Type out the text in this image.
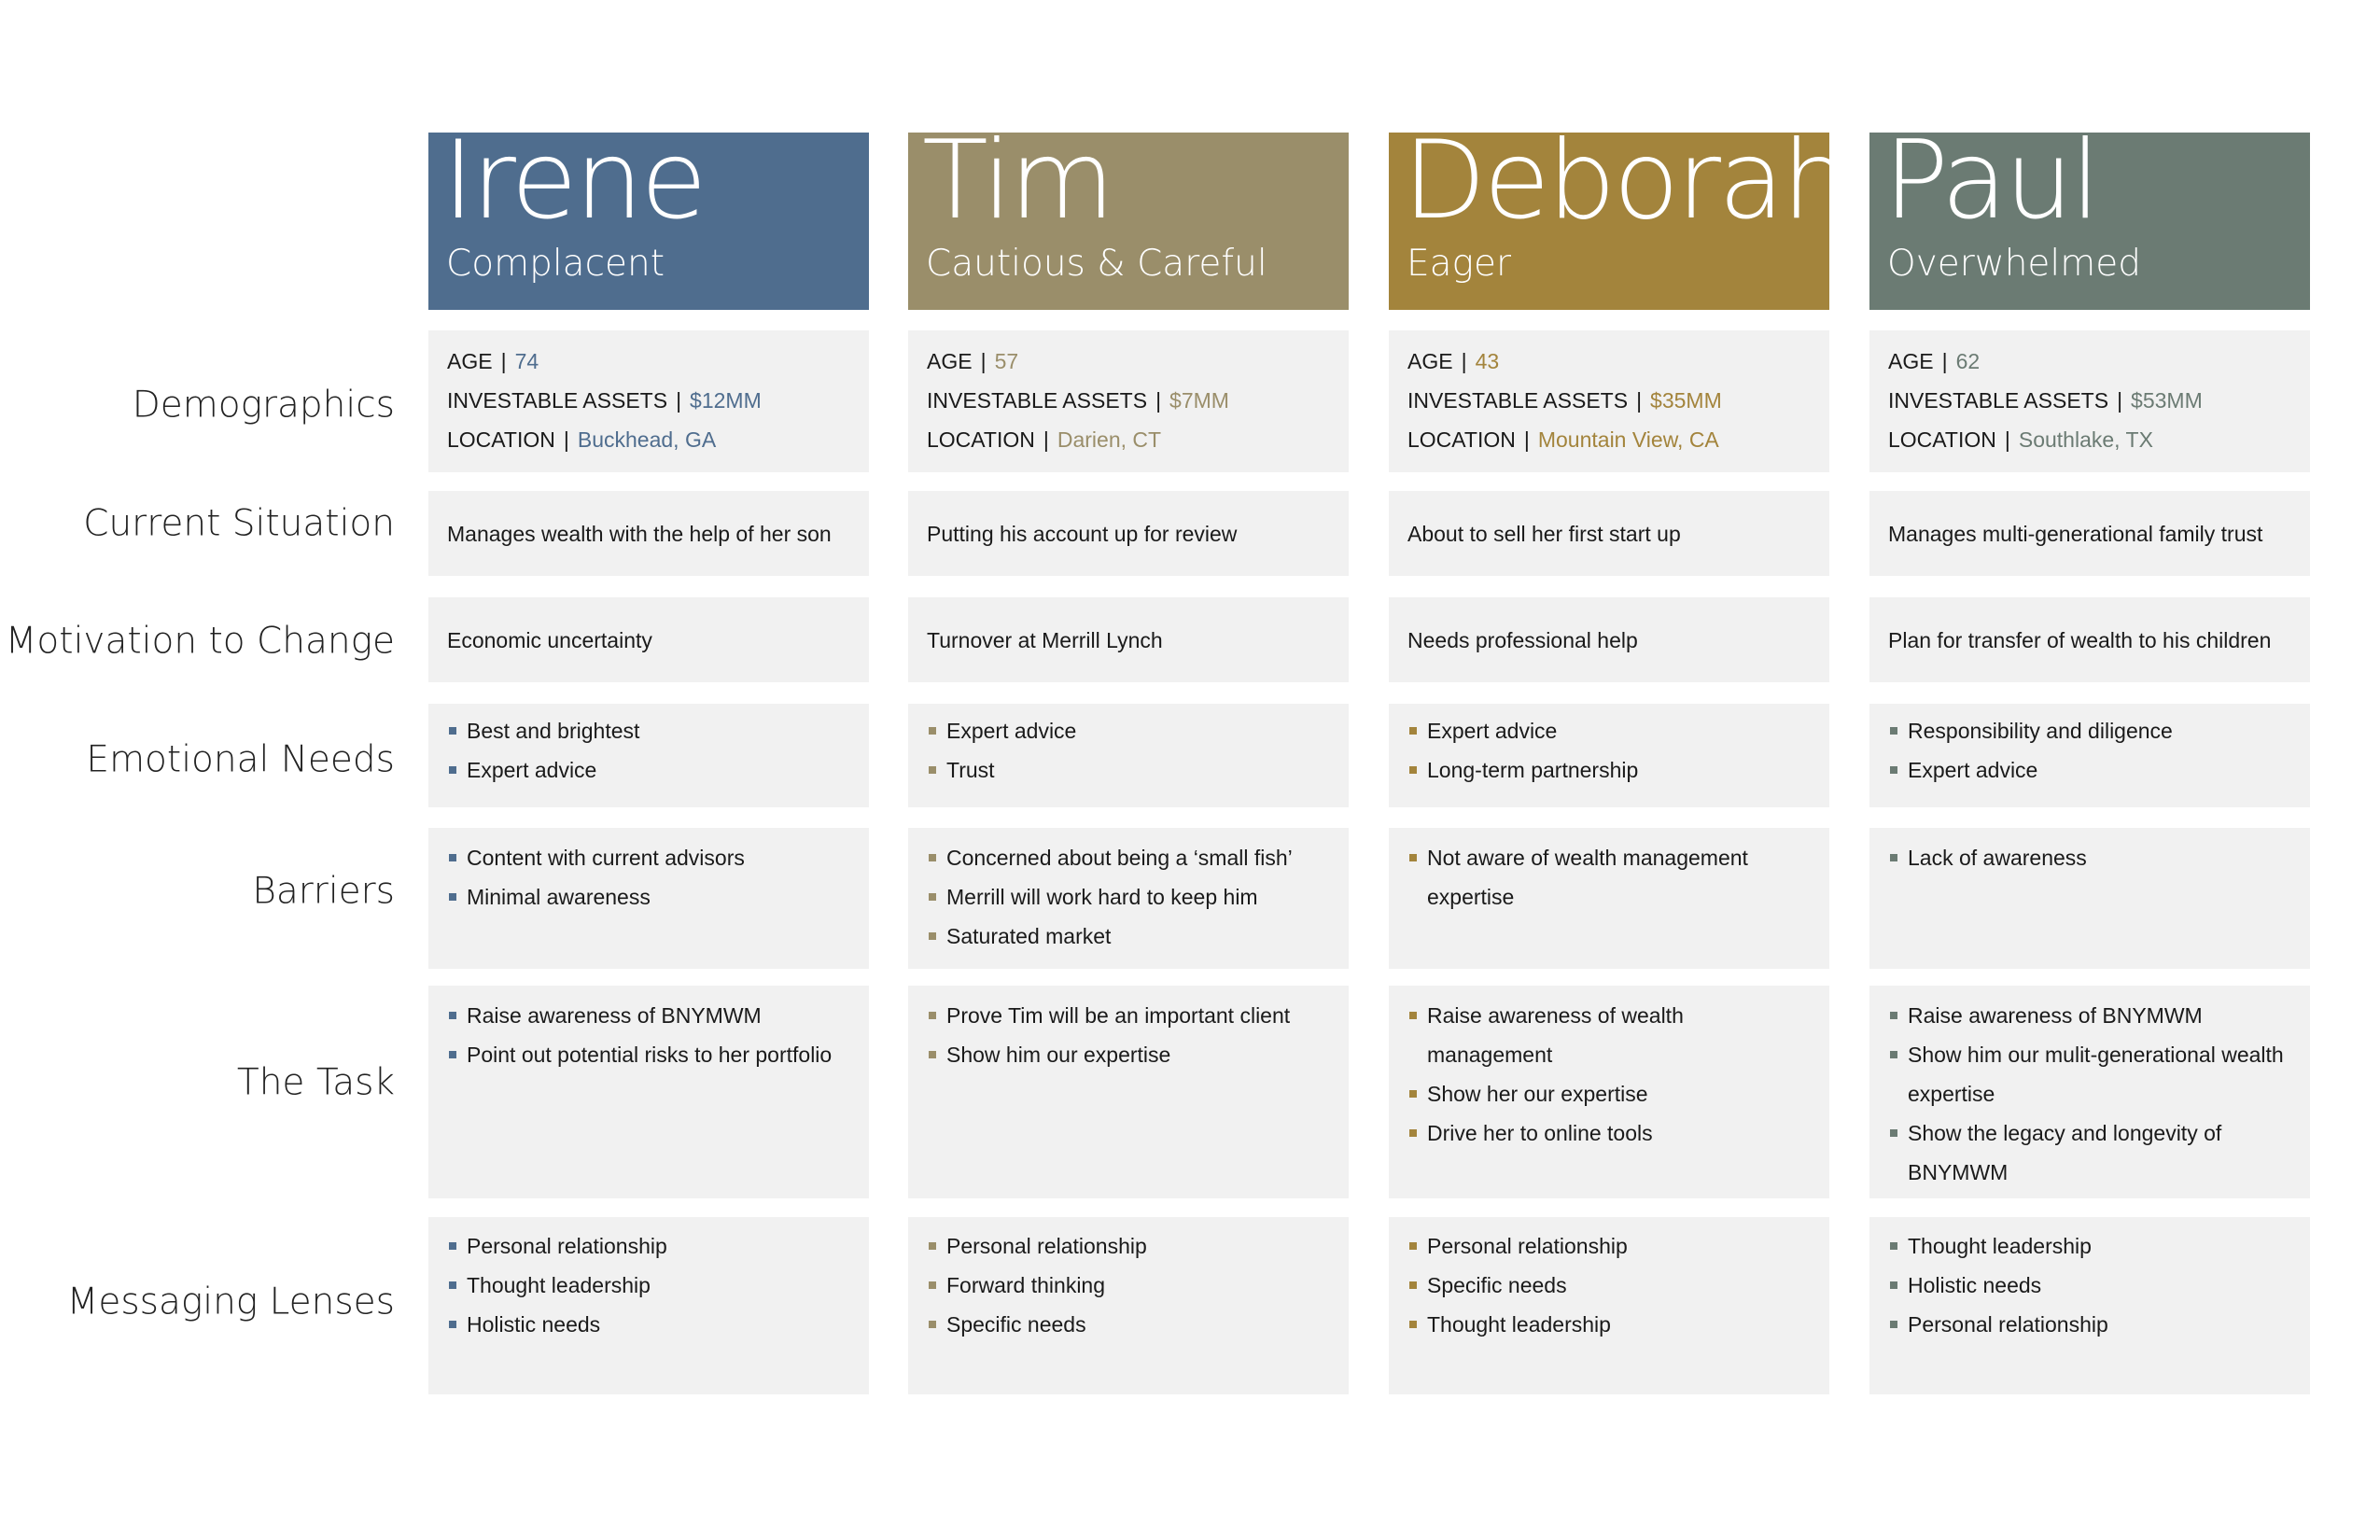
Demographics
Current Situation
Motivation to Change
Emotional Needs
Barriers
The Task
Messaging Lenses
Irene
Complacent
AGE | 74
INVESTABLE ASSETS | $12MM
LOCATION | Buckhead, GA
Manages wealth with the help of her son
Economic uncertainty
Best and brightest
Expert advice
Content with current advisors
Minimal awareness
Raise awareness of BNYMWM
Point out potential risks to her portfolio
Personal relationship
Thought leadership
Holistic needs
Tim
Cautious & Careful
AGE | 57
INVESTABLE ASSETS | $7MM
LOCATION | Darien, CT
Putting his account up for review
Turnover at Merrill Lynch
Expert advice
Trust
Concerned about being a ‘small fish’
Merrill will work hard to keep him
Saturated market
Prove Tim will be an important client
Show him our expertise
Personal relationship
Forward thinking
Specific needs
Deborah
Eager
AGE | 43
INVESTABLE ASSETS | $35MM
LOCATION | Mountain View, CA
About to sell her first start up
Needs professional help
Expert advice
Long-term partnership
Not aware of wealth management expertise
Raise awareness of wealth management
Show her our expertise
Drive her to online tools
Personal relationship
Specific needs
Thought leadership
Paul
Overwhelmed
AGE | 62
INVESTABLE ASSETS | $53MM
LOCATION | Southlake, TX
Manages multi-generational family trust
Plan for transfer of wealth to his children
Responsibility and diligence
Expert advice
Lack of awareness
Raise awareness of BNYMWM
Show him our mulit-generational wealth expertise
Show the legacy and longevity of BNYMWM
Thought leadership
Holistic needs
Personal relationship
